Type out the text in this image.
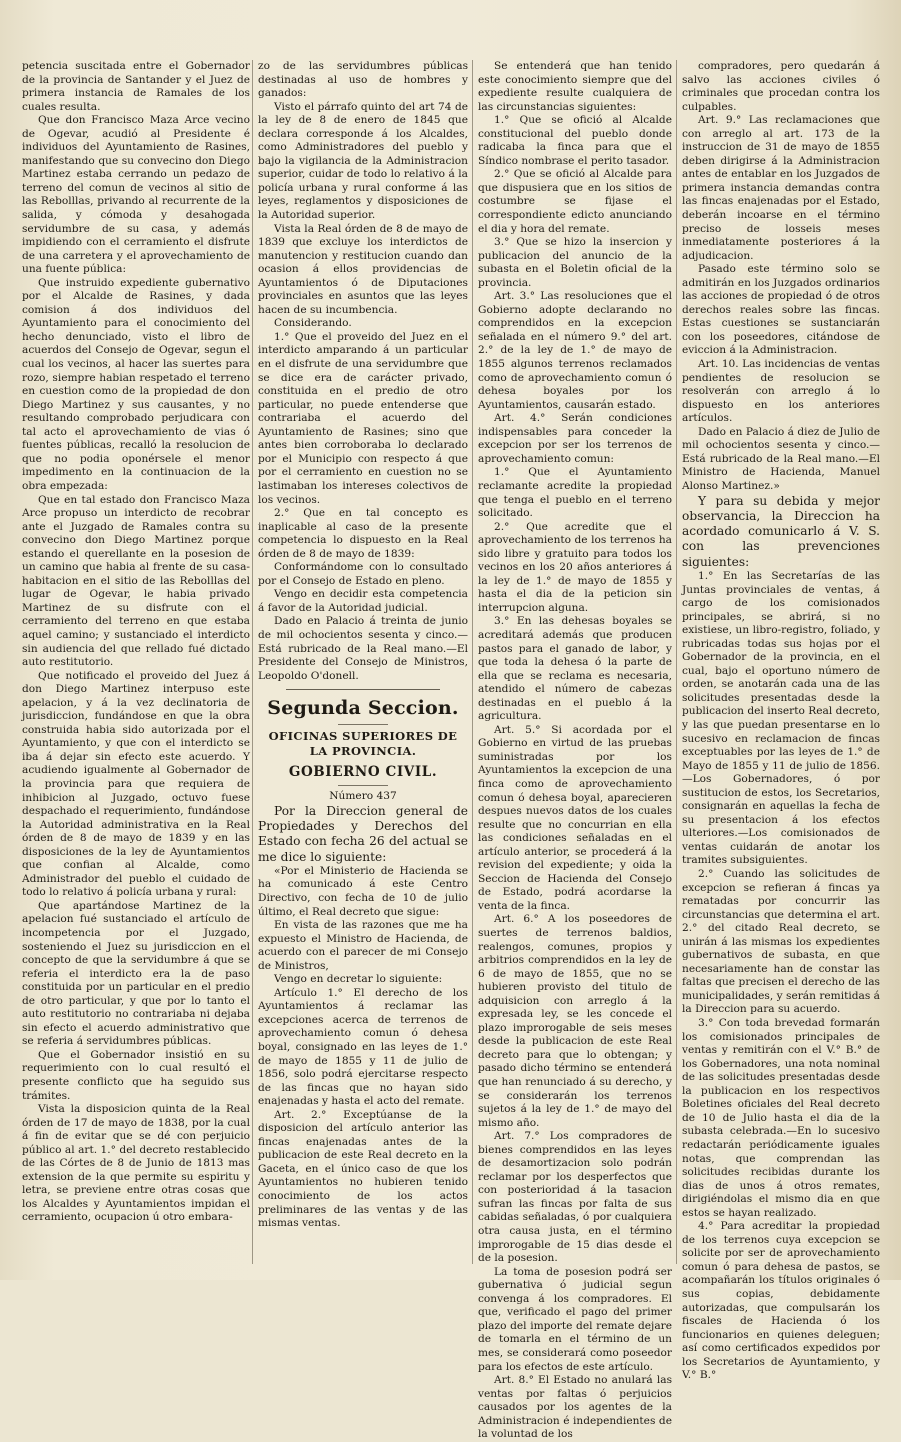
petencia suscitada entre el Gobernador de la provincia de Santander y el Juez de primera instancia de Ramales de los cuales resulta.

Que don Francisco Maza Arce vecino de Ogevar, acudió al Presidente é individuos del Ayuntamiento de Rasines, manifestando que su convecino don Diego Martinez estaba cerrando un pedazo de terreno del comun de vecinos al sitio de las Rebolllas, privando al recurrente de la salida, y cómoda y desahogada servidumbre de su casa, y además impidiendo con el cerramiento el disfrute de una carretera y el aprovechamiento de una fuente pública:

Que instruido expediente gubernativo por el Alcalde de Rasines, y dada comision á dos individuos del Ayuntamiento para el conocimiento del hecho denunciado, visto el libro de acuerdos del Consejo de Ogevar, segun el cual los vecinos, al hacer las suertes para rozo, siempre habian respetado el terreno en cuestion como de la propiedad de don Diego Martinez y sus causantes, y no resultando comprobado perjudicara con tal acto el aprovechamiento de vias ó fuentes públicas, recalló la resolucion de que no podia oponérsele el menor impedimento en la continuacion de la obra empezada:

Que en tal estado don Francisco Maza Arce propuso un interdicto de recobrar ante el Juzgado de Ramales contra su convecino don Diego Martinez porque estando el querellante en la posesion de un camino que habia al frente de su casa-habitacion en el sitio de las Rebolllas del lugar de Ogevar, le habia privado Martinez de su disfrute con el cerramiento del terreno en que estaba aquel camino; y sustanciado el interdicto sin audiencia del que rellado fué dictado auto restitutorio.

Que notificado el proveido del Juez á don Diego Martinez interpuso este apelacion, y á la vez declinatoria de jurisdiccion, fundándose en que la obra construida habia sido autorizada por el Ayuntamiento, y que con el interdicto se iba á dejar sin efecto este acuerdo. Y acudiendo igualmente al Gobernador de la provincia para que requiera de inhibicion al Juzgado, octuvo fuese despachado el requerimiento, fundándose la Autoridad administrativa en la Real órden de 8 de mayo de 1839 y en las disposiciones de la ley de Ayuntamientos que confian al Alcalde, como Administrador del pueblo el cuidado de todo lo relativo á policía urbana y rural:

Que apartándose Martinez de la apelacion fué sustanciado el artículo de incompetencia por el Juzgado, sosteniendo el Juez su jurisdiccion en el concepto de que la servidumbre á que se referia el interdicto era la de paso constituida por un particular en el predio de otro particular, y que por lo tanto el auto restitutorio no contrariaba ni dejaba sin efecto el acuerdo administrativo que se referia á servidumbres públicas.

Que el Gobernador insistió en su requerimiento con lo cual resultó el presente conflicto que ha seguido sus trámites.

Vista la disposicion quinta de la Real órden de 17 de mayo de 1838, por la cual á fin de evitar que se dé con perjuicio público al art. 1.° del decreto restablecido de las Córtes de 8 de Junio de 1813 mas extension de la que permite su espiritu y letra, se previene entre otras cosas que los Alcaldes y Ayuntamientos impidan el cerramiento, ocupacion ú otro embara-

zo de las servidumbres públicas destinadas al uso de hombres y ganados:

Visto el párrafo quinto del art 74 de la ley de 8 de enero de 1845 que declara corresponde á los Alcaldes, como Administradores del pueblo y bajo la vigilancia de la Administracion superior, cuidar de todo lo relativo á la policía urbana y rural conforme á las leyes, reglamentos y disposiciones de la Autoridad superior.

Vista la Real órden de 8 de mayo de 1839 que excluye los interdictos de manutencion y restitucion cuando dan ocasion á ellos providencias de Ayuntamientos ó de Diputaciones provinciales en asuntos que las leyes hacen de su incumbencia.

Considerando.

1.° Que el proveido del Juez en el interdicto amparando á un particular en el disfrute de una servidumbre que se dice era de carácter privado, constituida en el predio de otro particular, no puede entenderse que contrariaba el acuerdo del Ayuntamiento de Rasines; sino que antes bien corroboraba lo declarado por el Municipio con respecto á que por el cerramiento en cuestion no se lastimaban los intereses colectivos de los vecinos.

2.° Que en tal concepto es inaplicable al caso de la presente competencia lo dispuesto en la Real órden de 8 de mayo de 1839:

Conformándome con lo consultado por el Consejo de Estado en pleno.

Vengo en decidir esta competencia á favor de la Autoridad judicial.

Dado en Palacio á treinta de junio de mil ochocientos sesenta y cinco.—Está rubricado de la Real mano.—El Presidente del Consejo de Ministros, Leopoldo O'donell.

Segunda Seccion.
OFICINAS SUPERIORES DE LA PROVINCIA.
GOBIERNO CIVIL.

Número 437

Por la Direccion general de Propiedades y Derechos del Estado con fecha 26 del actual se me dice lo siguiente:

«Por el Ministerio de Hacienda se ha comunicado á este Centro Directivo, con fecha de 10 de julio último, el Real decreto que sigue:

En vista de las razones que me ha expuesto el Ministro de Hacienda, de acuerdo con el parecer de mi Consejo de Ministros,

Vengo en decretar lo siguiente:

Artículo 1.° El derecho de los Ayuntamientos á reclamar las excepciones acerca de terrenos de aprovechamiento comun ó dehesa boyal, consignado en las leyes de 1.° de mayo de 1855 y 11 de julio de 1856, solo podrá ejercitarse respecto de las fincas que no hayan sido enajenadas y hasta el acto del remate.

Art. 2.° Exceptúanse de la disposicion del artículo anterior las fincas enajenadas antes de la publicacion de este Real decreto en la Gaceta, en el único caso de que los Ayuntamientos no hubieren tenido conocimiento de los actos preliminares de las ventas y de las mismas ventas.

Se entenderá que han tenido este conocimiento siempre que del expediente resulte cualquiera de las circunstancias siguientes:

1.° Que se ofició al Alcalde constitucional del pueblo donde radicaba la finca para que el Síndico nombrase el perito tasador.

2.° Que se ofició al Alcalde para que dispusiera que en los sitios de costumbre se fijase el correspondiente edicto anunciando el dia y hora del remate.

3.° Que se hizo la insercion y publicacion del anuncio de la subasta en el Boletin oficial de la provincia.

Art. 3.° Las resoluciones que el Gobierno adopte declarando no comprendidos en la excepcion señalada en el número 9.° del art. 2.° de la ley de 1.° de mayo de 1855 algunos terrenos reclamados como de aprovechamiento comun ó dehesa boyales por los Ayuntamientos, causarán estado.

Art. 4.° Serán condiciones indispensables para conceder la excepcion por ser los terrenos de aprovechamiento comun:

1.° Que el Ayuntamiento reclamante acredite la propiedad que tenga el pueblo en el terreno solicitado.

2.° Que acredite que el aprovechamiento de los terrenos ha sido libre y gratuito para todos los vecinos en los 20 años anteriores á la ley de 1.° de mayo de 1855 y hasta el dia de la peticion sin interrupcion alguna.

3.° En las dehesas boyales se acreditará además que producen pastos para el ganado de labor, y que toda la dehesa ó la parte de ella que se reclama es necesaria, atendido el número de cabezas destinadas en el pueblo á la agricultura.

Art. 5.° Si acordada por el Gobierno en virtud de las pruebas suministradas por los Ayuntamientos la excepcion de una finca como de aprovechamiento comun ó dehesa boyal, aparecieren despues nuevos datos de los cuales resulte que no concurrian en ella las condiciones señaladas en el artículo anterior, se procederá á la revision del expediente; y oida la Seccion de Hacienda del Consejo de Estado, podrá acordarse la venta de la finca.

Art. 6.° A los poseedores de suertes de terrenos baldios, realengos, comunes, propios y arbitrios comprendidos en la ley de 6 de mayo de 1855, que no se hubieren provisto del titulo de adquisicion con arreglo á la expresada ley, se les concede el plazo improrogable de seis meses desde la publicacion de este Real decreto para que lo obtengan; y pasado dicho término se entenderá que han renunciado á su derecho, y se considerarán los terrenos sujetos á la ley de 1.° de mayo del mismo año.

Art. 7.° Los compradores de bienes comprendidos en las leyes de desamortizacion solo podrán reclamar por los desperfectos que con posterioridad á la tasacion sufran las fincas por falta de sus cabidas señaladas, ó por cualquiera otra causa justa, en el término improrogable de 15 dias desde el de la posesion.

La toma de posesion podrá ser gubernativa ó judicial segun convenga á los compradores. El que, verificado el pago del primer plazo del importe del remate dejare de tomarla en el término de un mes, se considerará como poseedor para los efectos de este artículo.

Art. 8.° El Estado no anulará las ventas por faltas ó perjuicios causados por los agentes de la Administracion é independientes de la voluntad de los

compradores, pero quedarán á salvo las acciones civiles ó criminales que procedan contra los culpables.

Art. 9.° Las reclamaciones que con arreglo al art. 173 de la instruccion de 31 de mayo de 1855 deben dirigirse á la Administracion antes de entablar en los Juzgados de primera instancia demandas contra las fincas enajenadas por el Estado, deberán incoarse en el término preciso de losseis meses inmediatamente posteriores á la adjudicacion.

Pasado este término solo se admitirán en los Juzgados ordinarios las acciones de propiedad ó de otros derechos reales sobre las fincas. Estas cuestiones se sustanciarán con los poseedores, citándose de eviccion á la Administracion.

Art. 10. Las incidencias de ventas pendientes de resolucion se resolverán con arreglo á lo dispuesto en los anteriores artículos.

Dado en Palacio á diez de Julio de mil ochocientos sesenta y cinco.—Está rubricado de la Real mano.—El Ministro de Hacienda, Manuel Alonso Martinez.»

Y para su debida y mejor observancia, la Direccion ha acordado comunicarlo á V. S. con las prevenciones siguientes:

1.° En las Secretarías de las Juntas provinciales de ventas, á cargo de los comisionados principales, se abrirá, si no existiese, un libro-registro, foliado, y rubricadas todas sus hojas por el Gobernador de la provincia, en el cual, bajo el oportuno número de orden, se anotarán cada una de las solicitudes presentadas desde la publicacion del inserto Real decreto, y las que puedan presentarse en lo sucesivo en reclamacion de fincas exceptuables por las leyes de 1.° de Mayo de 1855 y 11 de julio de 1856.—Los Gobernadores, ó por sustitucion de estos, los Secretarios, consignarán en aquellas la fecha de su presentacion á los efectos ulteriores.—Los comisionados de ventas cuidarán de anotar los tramites subsiguientes.

2.° Cuando las solicitudes de excepcion se refieran á fincas ya rematadas por concurrir las circunstancias que determina el art. 2.° del citado Real decreto, se unirán á las mismas los expedientes gubernativos de subasta, en que necesariamente han de constar las faltas que precisen el derecho de las municipalidades, y serán remitidas á la Direccion para su acuerdo.

3.° Con toda brevedad formarán los comisionados principales de ventas y remitirán con el V.° B.° de los Gobernadores, una nota nominal de las solicitudes presentadas desde la publicacion en los respectivos Boletines oficiales del Real decreto de 10 de Julio hasta el dia de la subasta celebrada.—En lo sucesivo redactarán periódicamente iguales notas, que comprendan las solicitudes recibidas durante los dias de unos á otros remates, dirigiéndolas el mismo dia en que estos se hayan realizado.

4.° Para acreditar la propiedad de los terrenos cuya excepcion se solicite por ser de aprovechamiento comun ó para dehesa de pastos, se acompañarán los títulos originales ó sus copias, debidamente autorizadas, que compulsarán los fiscales de Hacienda ó los funcionarios en quienes deleguen; así como certificados expedidos por los Secretarios de Ayuntamiento, y V.° B.°
